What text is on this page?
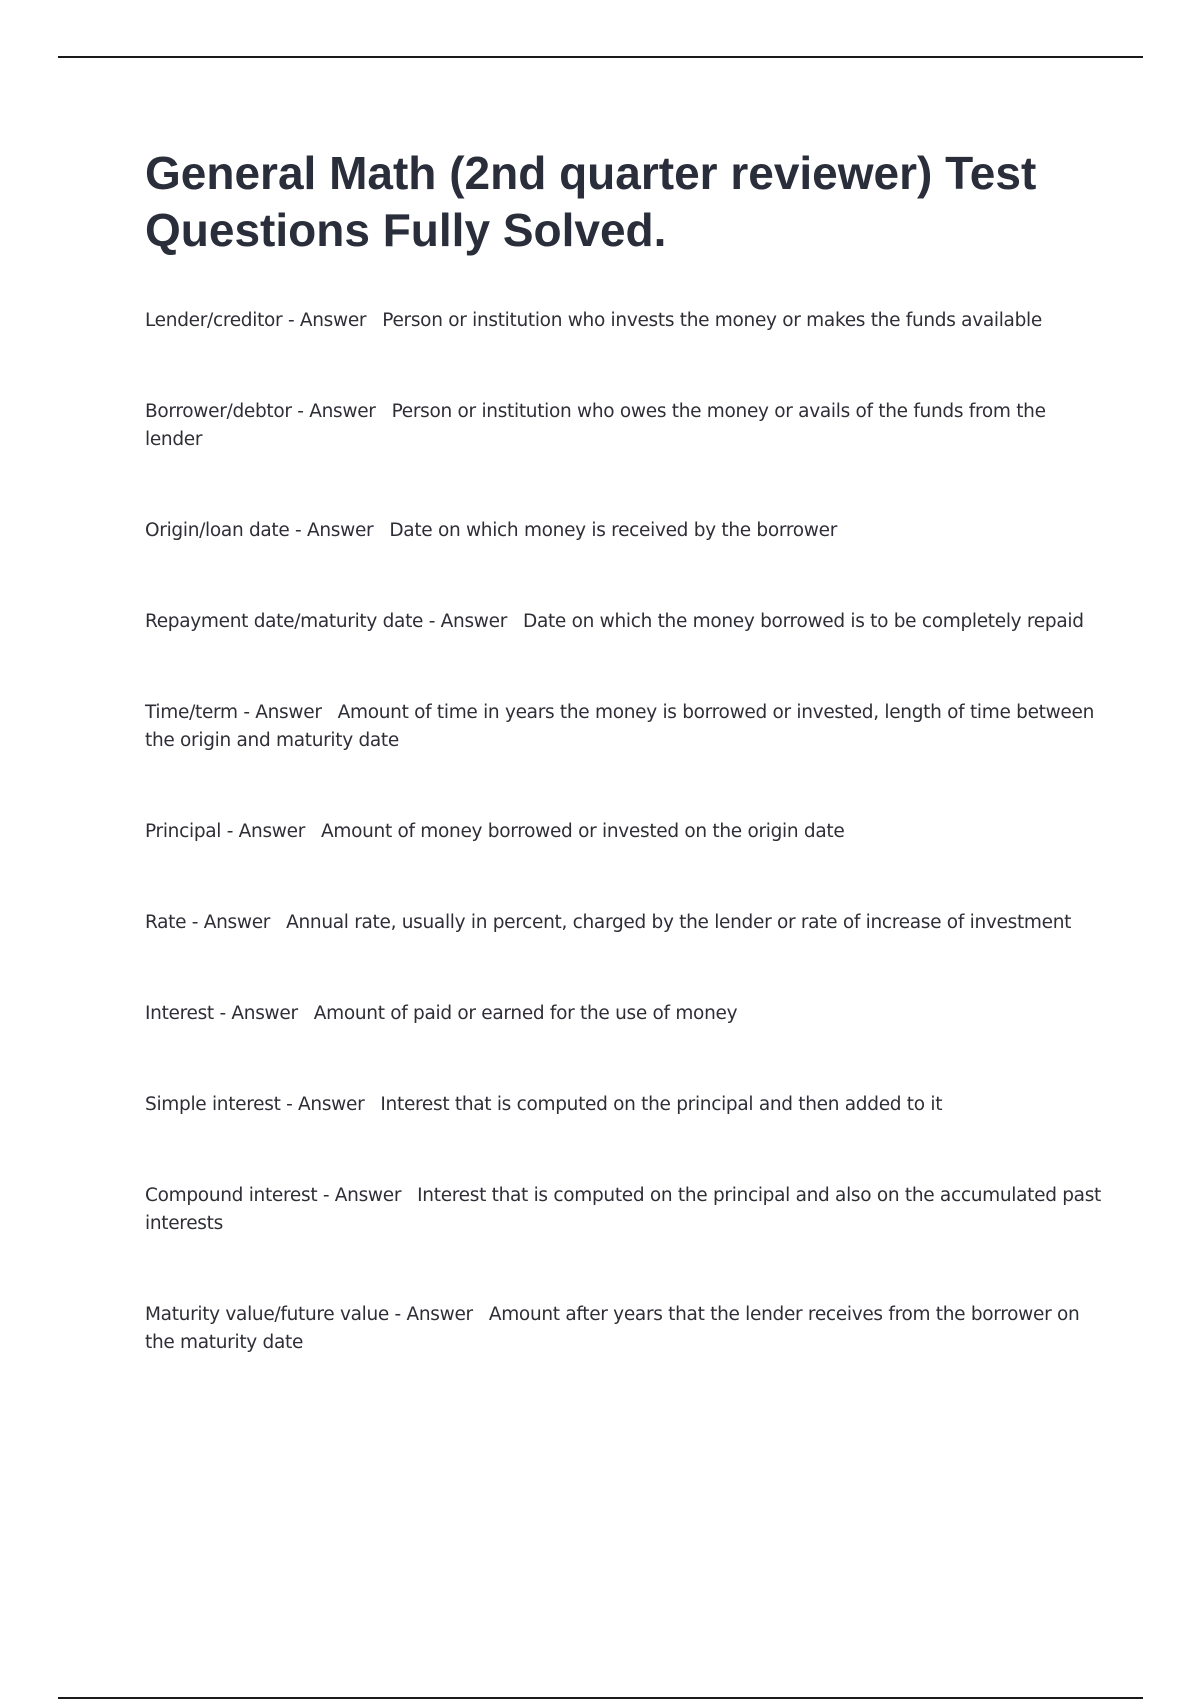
General Math (2nd quarter reviewer) Test Questions Fully Solved.
Lender/creditor - Answer Person or institution who invests the money or makes the funds available
Borrower/debtor - Answer Person or institution who owes the money or avails of the funds from the lender
Origin/loan date - Answer Date on which money is received by the borrower
Repayment date/maturity date - Answer Date on which the money borrowed is to be completely repaid
Time/term - Answer Amount of time in years the money is borrowed or invested, length of time between the origin and maturity date
Principal - Answer Amount of money borrowed or invested on the origin date
Rate - Answer Annual rate, usually in percent, charged by the lender or rate of increase of investment
Interest - Answer Amount of paid or earned for the use of money
Simple interest - Answer Interest that is computed on the principal and then added to it
Compound interest - Answer Interest that is computed on the principal and also on the accumulated past interests
Maturity value/future value - Answer Amount after years that the lender receives from the borrower on the maturity date
